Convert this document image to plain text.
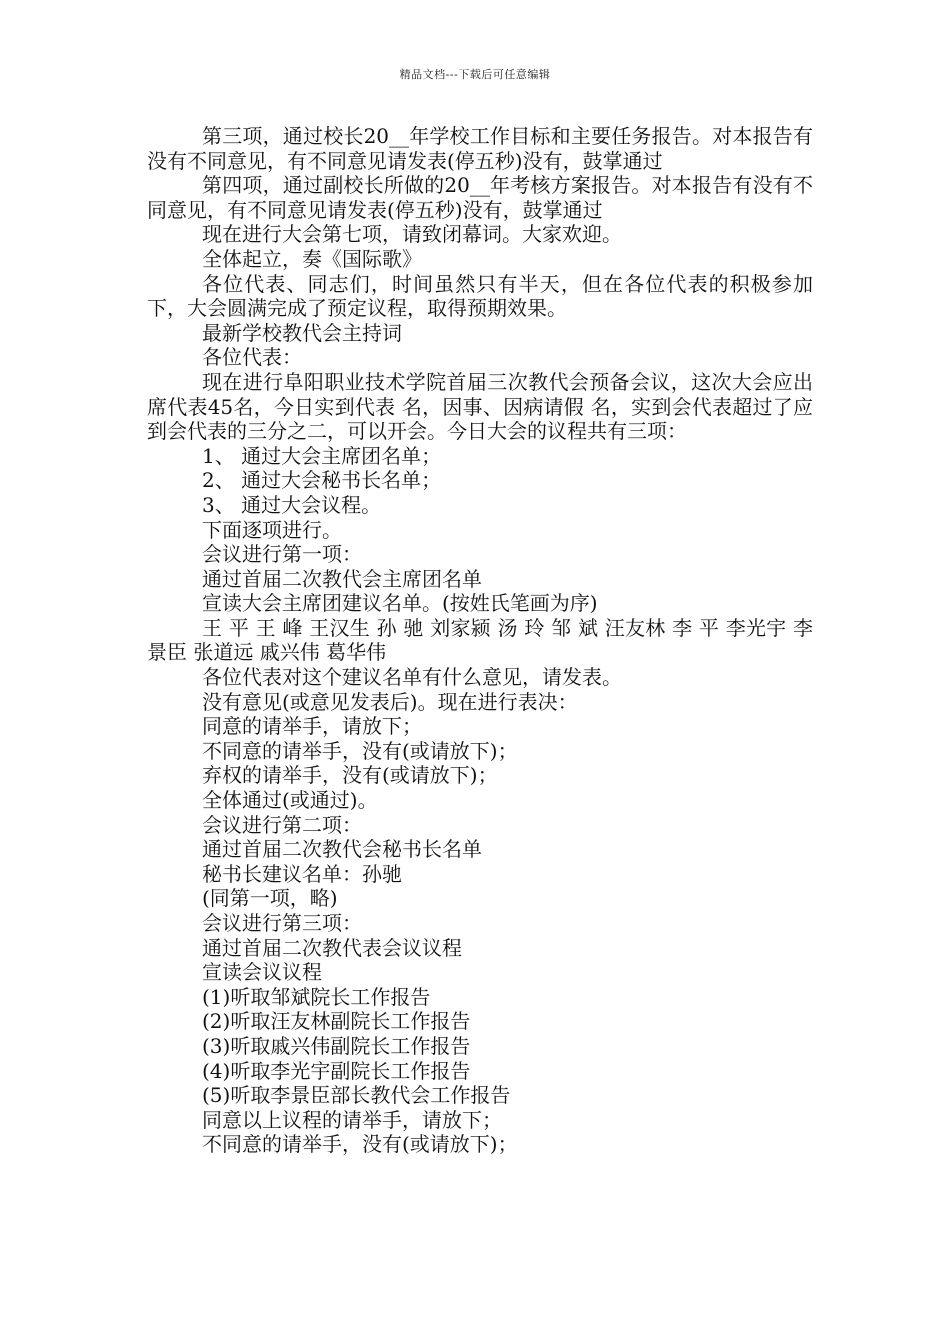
精品文档---下载后可任意编辑

第三项，通过校长20__年学校工作目标和主要任务报告。对本报告有没有不同意见，有不同意见请发表(停五秒)没有，鼓掌通过

第四项，通过副校长所做的20__年考核方案报告。对本报告有没有不同意见，有不同意见请发表(停五秒)没有，鼓掌通过

现在进行大会第七项，请致闭幕词。大家欢迎。

全体起立，奏《国际歌》

各位代表、同志们，时间虽然只有半天，但在各位代表的积极参加下，大会圆满完成了预定议程，取得预期效果。

最新学校教代会主持词

各位代表：

现在进行阜阳职业技术学院首届三次教代会预备会议，这次大会应出席代表45名，今日实到代表 名，因事、因病请假 名，实到会代表超过了应到会代表的三分之二，可以开会。今日大会的议程共有三项：

1、 通过大会主席团名单；

2、 通过大会秘书长名单；

3、 通过大会议程。

下面逐项进行。

会议进行第一项：

通过首届二次教代会主席团名单

宣读大会主席团建议名单。(按姓氏笔画为序)

王 平 王 峰 王汉生 孙 驰 刘家颍 汤 玲 邹 斌 汪友林 李 平 李光宇 李景臣 张道远 戚兴伟 葛华伟

各位代表对这个建议名单有什么意见，请发表。

没有意见(或意见发表后)。现在进行表决：

同意的请举手，请放下；

不同意的请举手，没有(或请放下)；

弃权的请举手，没有(或请放下)；

全体通过(或通过)。

会议进行第二项：

通过首届二次教代会秘书长名单

秘书长建议名单：孙驰

(同第一项，略)

会议进行第三项：

通过首届二次教代表会议议程

宣读会议议程

(1)听取邹斌院长工作报告

(2)听取汪友林副院长工作报告

(3)听取戚兴伟副院长工作报告

(4)听取李光宇副院长工作报告

(5)听取李景臣部长教代会工作报告

同意以上议程的请举手，请放下；

不同意的请举手，没有(或请放下)；
